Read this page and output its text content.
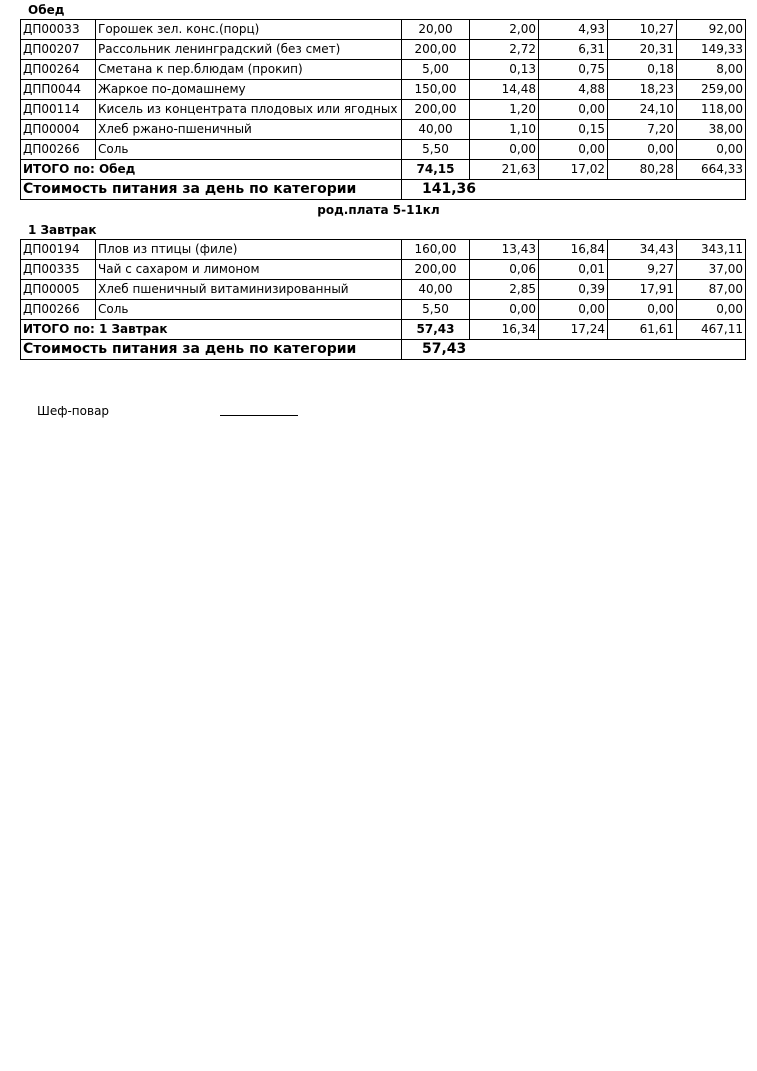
Обед
ДП00033	Горошек зел. конс.(порц)	20,00	2,00	4,93	10,27	92,00
ДП00207	Рассольник ленинградский (без смет)	200,00	2,72	6,31	20,31	149,33
ДП00264	Сметана к пер.блюдам (прокип)	5,00	0,13	0,75	0,18	8,00
ДПП0044	Жаркое по-домашнему	150,00	14,48	4,88	18,23	259,00
ДП00114	Кисель из концентрата плодовых или ягодных	200,00	1,20	0,00	24,10	118,00
ДП00004	Хлеб ржано-пшеничный	40,00	1,10	0,15	7,20	38,00
ДП00266	Соль	5,50	0,00	0,00	0,00	0,00
ИТОГО по: Обед		74,15	21,63	17,02	80,28	664,33
Стоимость питания за день по категории		141,36				
род.плата 5-11кл
1 Завтрак
ДП00194	Плов из птицы (филе)	160,00	13,43	16,84	34,43	343,11
ДП00335	Чай с сахаром и лимоном	200,00	0,06	0,01	9,27	37,00
ДП00005	Хлеб пшеничный витаминизированный	40,00	2,85	0,39	17,91	87,00
ДП00266	Соль	5,50	0,00	0,00	0,00	0,00
ИТОГО по: 1 Завтрак		57,43	16,34	17,24	61,61	467,11
Стоимость питания за день по категории		57,43				
Шеф-повар
